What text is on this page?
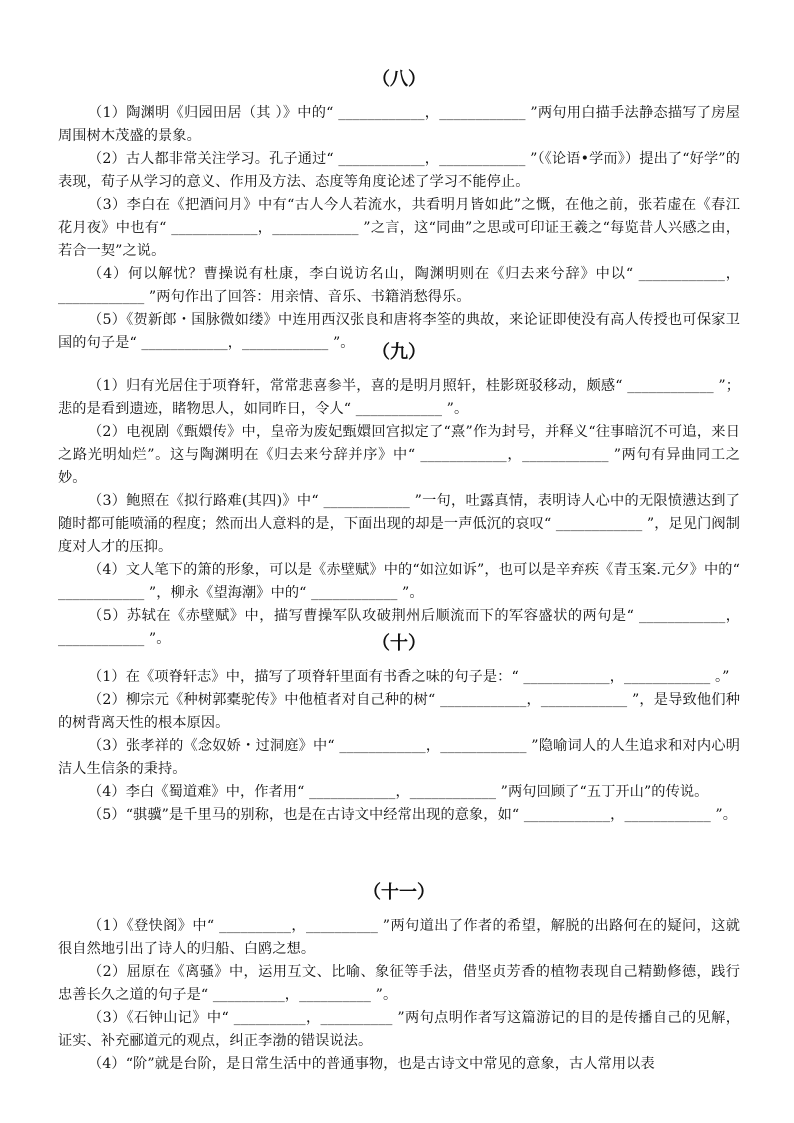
（八）

（1）陶渊明《归园田居（其 ）》中的“ ____________，____________ ”两句用白描手法静态描写了房屋周围树木茂盛的景象。

（2）古人都非常关注学习。孔子通过“ ____________，____________ ”（《论语•学而》）提出了“好学”的表现，荀子从学习的意义、作用及方法、态度等角度论述了学习不能停止。

（3）李白在《把酒问月》中有“古人今人若流水，共看明月皆如此”之慨，在他之前，张若虚在《春江花月夜》中也有“ ____________，____________ ”之言，这“同曲”之思或可印证王羲之“每览昔人兴感之由，若合一契”之说。

（4）何以解忧？曹操说有杜康，李白说访名山，陶渊明则在《归去来兮辞》中以“ ____________，____________ ”两句作出了回答：用亲情、音乐、书籍消愁得乐。

（5）《贺新郎・国脉微如缕》中连用西汉张良和唐将李筌的典故，来论证即使没有高人传授也可保家卫国的句子是“ ____________，____________ ”。 （九）

（1）归有光居住于项脊轩，常常悲喜参半，喜的是明月照轩，桂影斑驳移动，颇感“ ____________ ”；悲的是看到遗迹，睹物思人，如同昨日，令人“ ____________ ”。

（2）电视剧《甄嬛传》中，皇帝为废妃甄嬛回宫拟定了“熹”作为封号，并释义“往事暗沉不可追，来日之路光明灿烂”。这与陶渊明在《归去来兮辞并序》中“ ____________，____________ ”两句有异曲同工之妙。

（3）鲍照在《拟行路难(其四)》中“ ____________ ”一句，吐露真情，表明诗人心中的无限愤懑达到了随时都可能喷涌的程度；然而出人意料的是，下面出现的却是一声低沉的哀叹“ ____________ ”，足见门阀制度对人才的压抑。

（4）文人笔下的箫的形象，可以是《赤壁赋》中的“如泣如诉”，也可以是辛弃疾《青玉案.元夕》中的“ ____________ ”，柳永《望海潮》中的“ ____________ ”。

（5）苏轼在《赤壁赋》中，描写曹操军队攻破荆州后顺流而下的军容盛状的两句是“ ____________，____________ ”。	（十）

（1）在《项脊轩志》中，描写了项脊轩里面有书香之味的句子是：“ ____________，____________ 。”

（2）柳宗元《种树郭橐驼传》中他植者对自己种的树“ ____________，____________ ”，是导致他们种的树背离天性的根本原因。

（3）张孝祥的《念奴娇・过洞庭》中“ ____________，____________ ”隐喻词人的人生追求和对内心明洁人生信条的秉持。

（4）李白《蜀道难》中，作者用“ ____________，____________ ”两句回顾了“五丁开山”的传说。

（5）“骐骥”是千里马的别称，也是在古诗文中经常出现的意象，如“ ____________，____________ ”。

（十一）

（1）《登快阁》中“ __________，__________ ”两句道出了作者的希望，解脱的出路何在的疑问，这就很自然地引出了诗人的归船、白鸥之想。

（2）屈原在《离骚》中，运用互文、比喻、象征等手法，借坚贞芳香的植物表现自己精勤修德，践行忠善长久之道的句子是“ __________，__________ ”。

（3）《石钟山记》中“ __________，__________ ”两句点明作者写这篇游记的目的是传播自己的见解，证实、补充郦道元的观点，纠正李渤的错误说法。

（4）“阶”就是台阶，是日常生活中的普通事物，也是古诗文中常见的意象，古人常用以表
